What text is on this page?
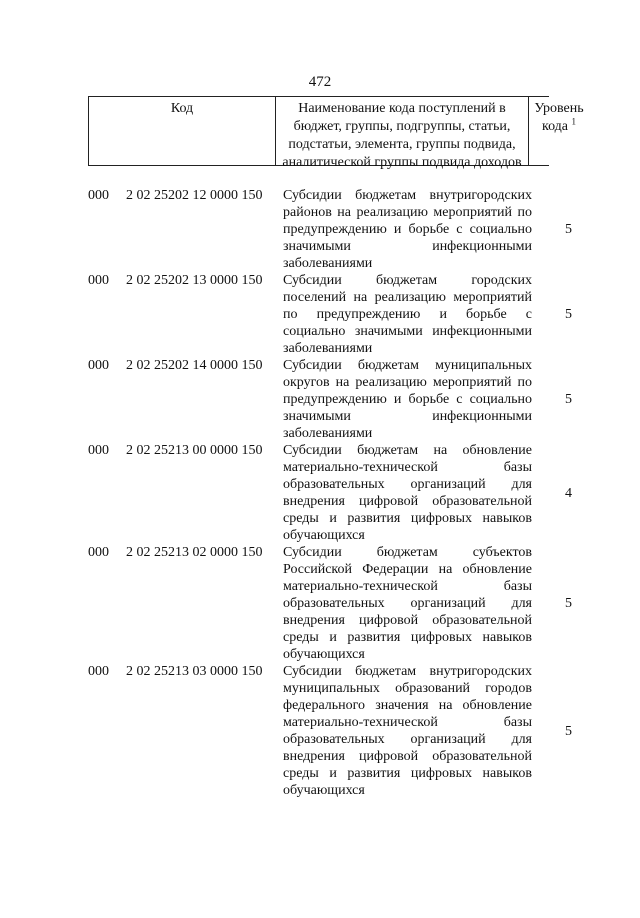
472
Код	Наименование кода поступлений в
бюджет, группы, подгруппы, статьи,
подстатьи, элемента, группы подвида,
аналитической группы подвида доходов
Уровень
кода $^1$
000 2 02 25202 12 0000 150 Субсидии бюджетам внутригородских
районов на реализацию мероприятий по
предупреждению и борьбе с социально
значимыми инфекционными
заболеваниями
5
000 2 02 25202 13 0000 150 Субсидии бюджетам городских
поселений на реализацию мероприятий
по предупреждению и борьбе с
социально значимыми инфекционными
заболеваниями
5
000 2 02 25202 14 0000 150 Субсидии бюджетам муниципальных
округов на реализацию мероприятий по
предупреждению и борьбе с социально
значимыми инфекционными
заболеваниями
5
000 2 02 25213 00 0000 150 Субсидии бюджетам на обновление
материально-технической базы
образовательных организаций для
внедрения цифровой образовательной
среды и развития цифровых навыков
обучающихся
4
000 2 02 25213 02 0000 150 Субсидии бюджетам субъектов
Российской Федерации на обновление
материально-технической базы
образовательных организаций для
внедрения цифровой образовательной
среды и развития цифровых навыков
обучающихся
5
000 2 02 25213 03 0000 150 Субсидии бюджетам внутригородских
муниципальных образований городов
федерального значения на обновление
материально-технической базы
образовательных организаций для
внедрения цифровой образовательной
среды и развития цифровых навыков
обучающихся
5
